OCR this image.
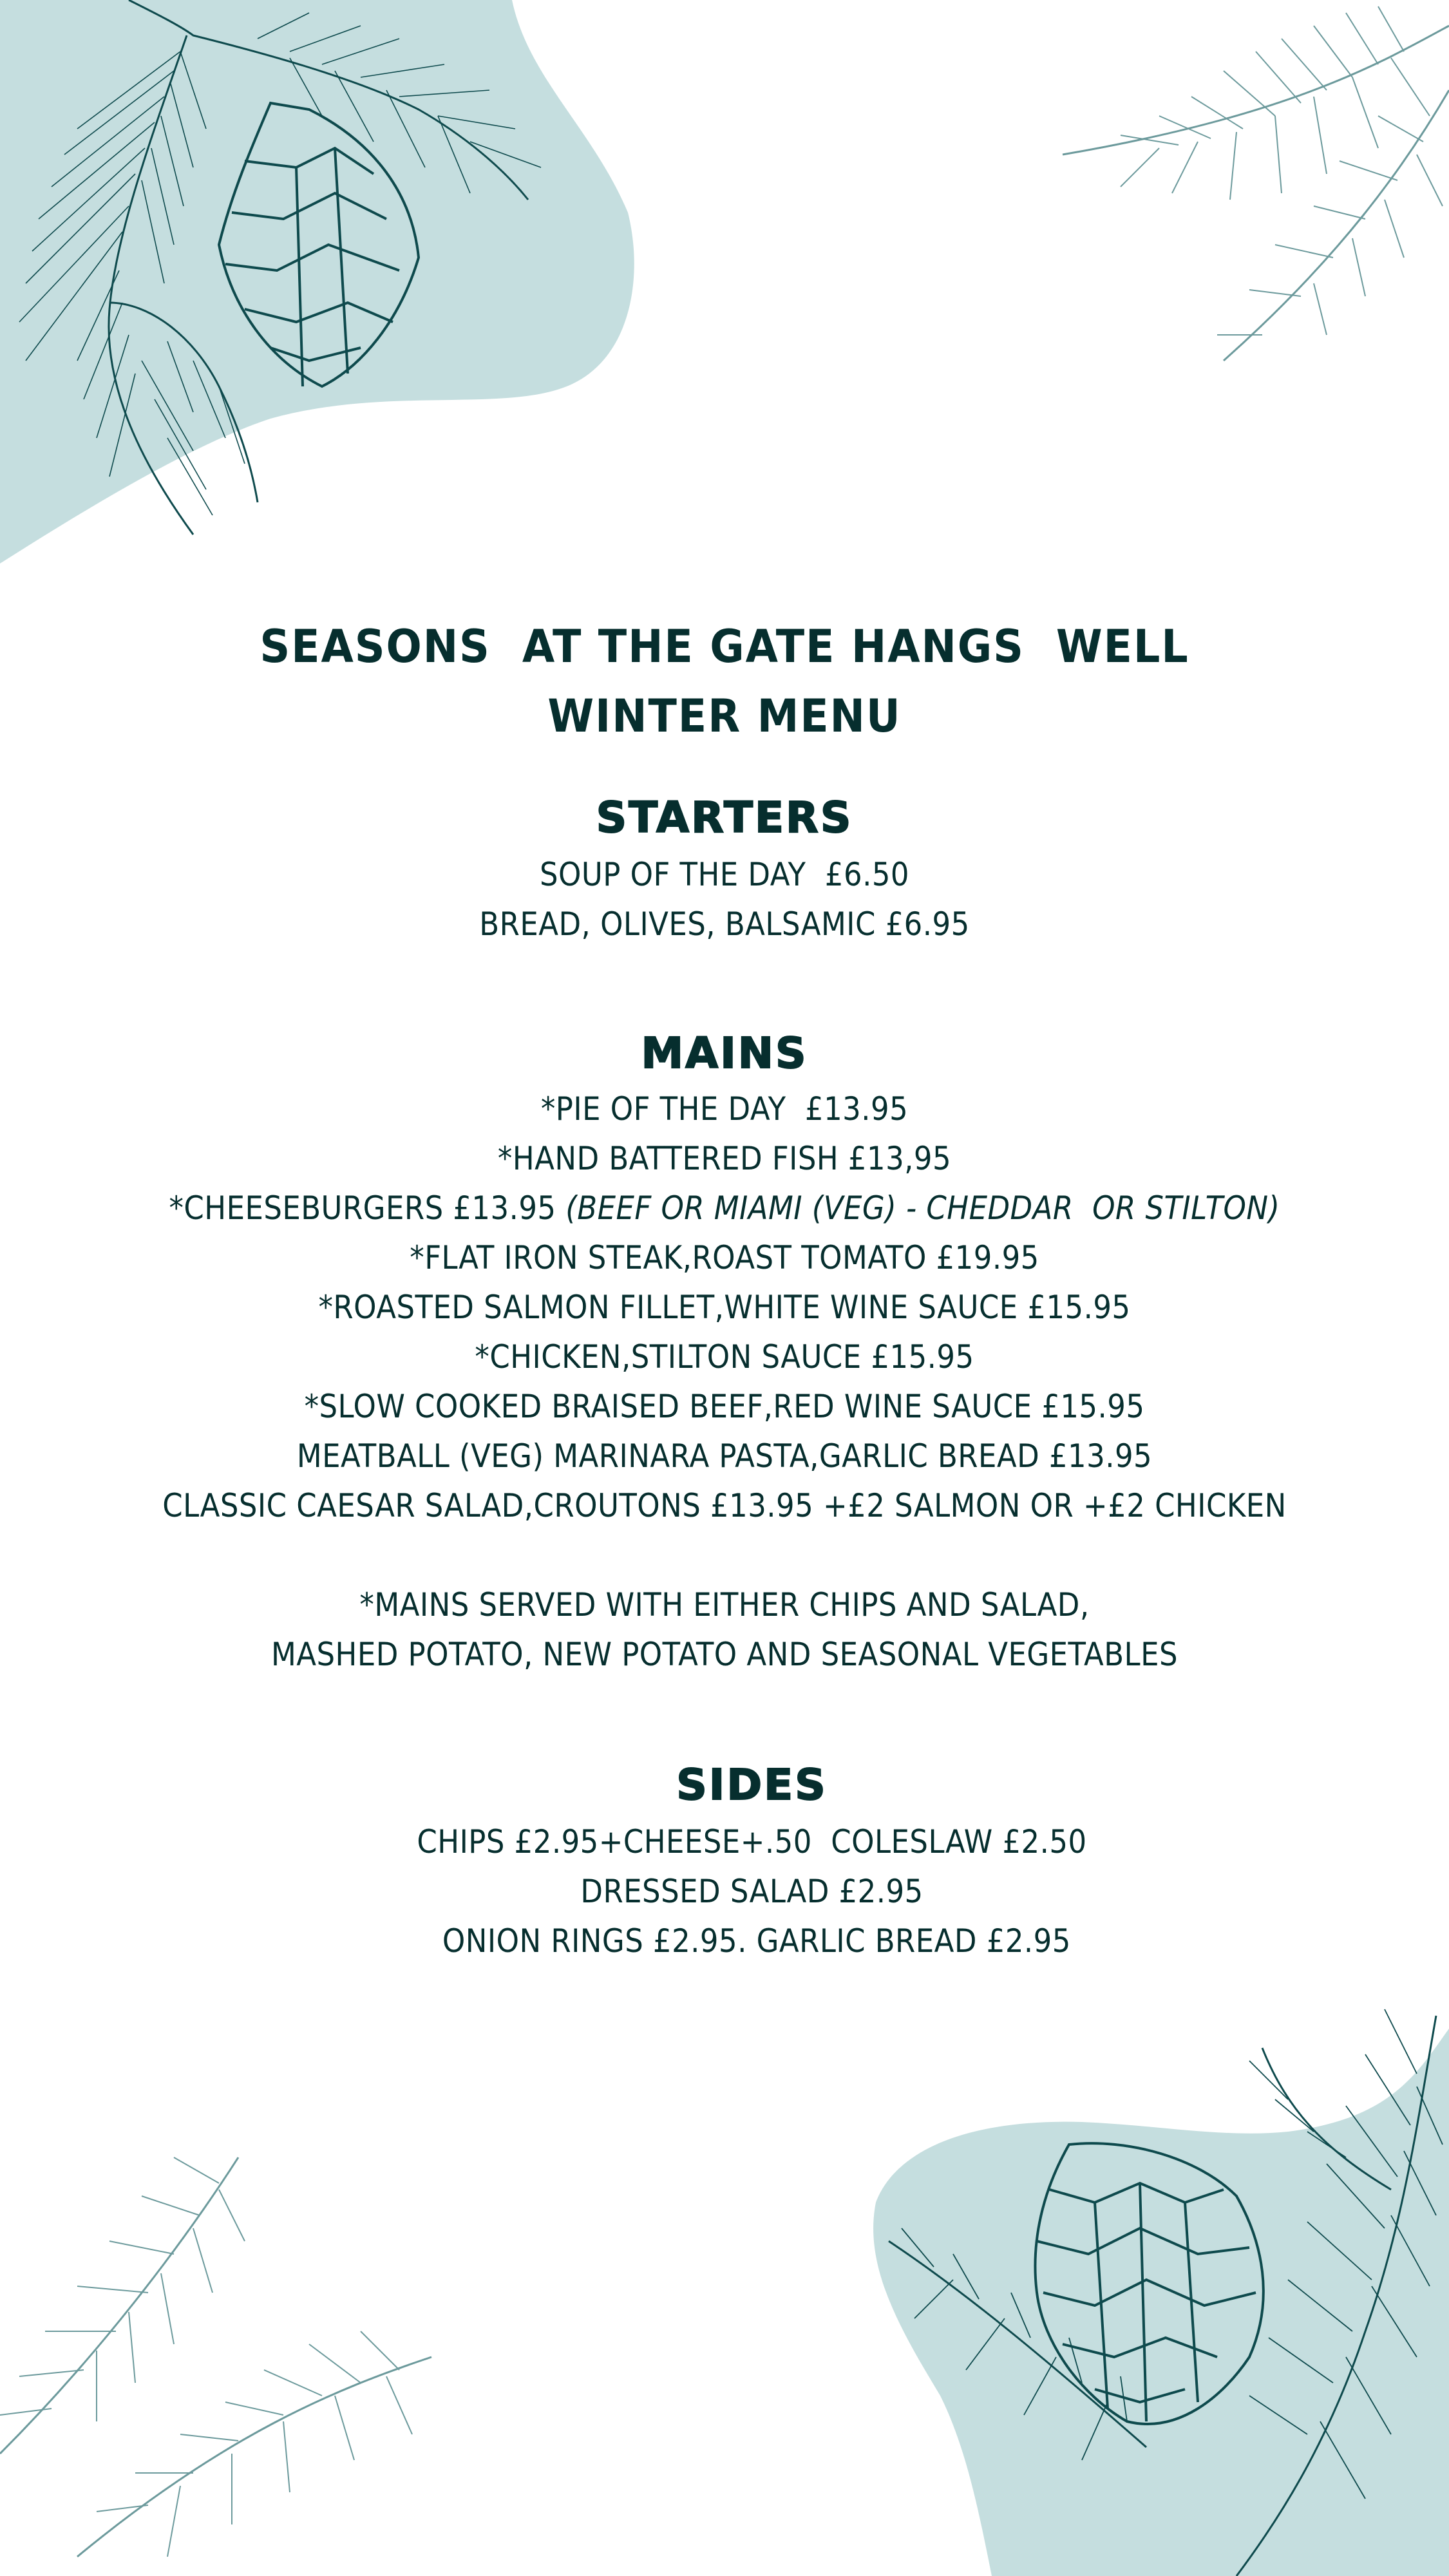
SEASONS  AT THE GATE HANGS  WELL
WINTER MENU
STARTERS

SOUP OF THE DAY  £6.50

BREAD, OLIVES, BALSAMIC £6.95

MAINS

*PIE OF THE DAY  £13.95

*HAND BATTERED FISH £13,95

*CHEESEBURGERS £13.95 (BEEF OR MIAMI (VEG) - CHEDDAR  OR STILTON)

*FLAT IRON STEAK,ROAST TOMATO £19.95

*ROASTED SALMON FILLET,WHITE WINE SAUCE £15.95

*CHICKEN,STILTON SAUCE £15.95

*SLOW COOKED BRAISED BEEF,RED WINE SAUCE £15.95

MEATBALL (VEG) MARINARA PASTA,GARLIC BREAD £13.95

CLASSIC CAESAR SALAD,CROUTONS £13.95 +£2 SALMON OR +£2 CHICKEN

*MAINS SERVED WITH EITHER CHIPS AND SALAD,

MASHED POTATO, NEW POTATO AND SEASONAL VEGETABLES

SIDES

CHIPS £2.95+CHEESE+.50  COLESLAW £2.50

DRESSED SALAD £2.95

ONION RINGS £2.95. GARLIC BREAD £2.95
